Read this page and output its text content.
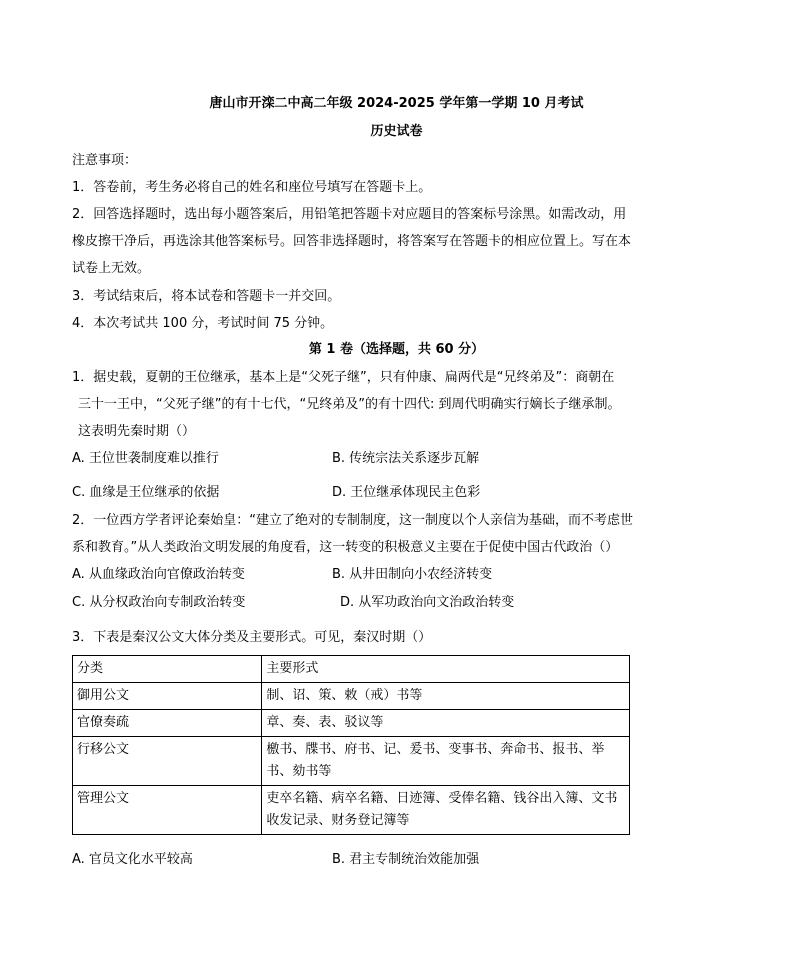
唐山市开滦二中高二年级 2024-2025 学年第一学期 10 月考试
历史试卷
注意事项：
1．答卷前，考生务必将自己的姓名和座位号填写在答题卡上。
2．回答选择题时，选出每小题答案后，用铅笔把答题卡对应题目的答案标号涂黑。如需改动，用
橡皮擦干净后，再选涂其他答案标号。回答非选择题时，将答案写在答题卡的相应位置上。写在本
试卷上无效。
3．考试结束后，将本试卷和答题卡一并交回。
4．本次考试共 100 分，考试时间 75 分钟。
第 1 卷（选择题，共 60 分）
1．据史载，夏朝的王位继承，基本上是“父死子继”，只有仲康、扁两代是“兄终弟及”：商朝在
三十一王中，“父死子继”的有十七代，“兄终弟及”的有十四代: 到周代明确实行嫡长子继承制。
这表明先秦时期（）
A. 王位世袭制度难以推行	B. 传统宗法关系逐步瓦解
C. 血缘是王位继承的依据	D. 王位继承体现民主色彩
2．一位西方学者评论秦始皇：“建立了绝对的专制制度，这一制度以个人亲信为基础，而不考虑世
系和教育。”从人类政治文明发展的角度看，这一转变的积极意义主要在于促使中国古代政治（）
A. 从血缘政治向官僚政治转变	B. 从井田制向小农经济转变
C. 从分权政治向专制政治转变	D. 从军功政治向文治政治转变
3．下表是秦汉公文大体分类及主要形式。可见，秦汉时期（）
分类	主要形式
御用公文	制、诏、策、敕（戒）书等
官僚奏疏	章、奏、表、驳议等
行移公文	檄书、牒书、府书、记、爰书、变事书、奔命书、报书、举书、劾书等
管理公文	吏卒名籍、病卒名籍、日迹簿、受俸名籍、钱谷出入簿、文书收发记录、财务登记簿等
A. 官员文化水平较高	B. 君主专制统治效能加强
